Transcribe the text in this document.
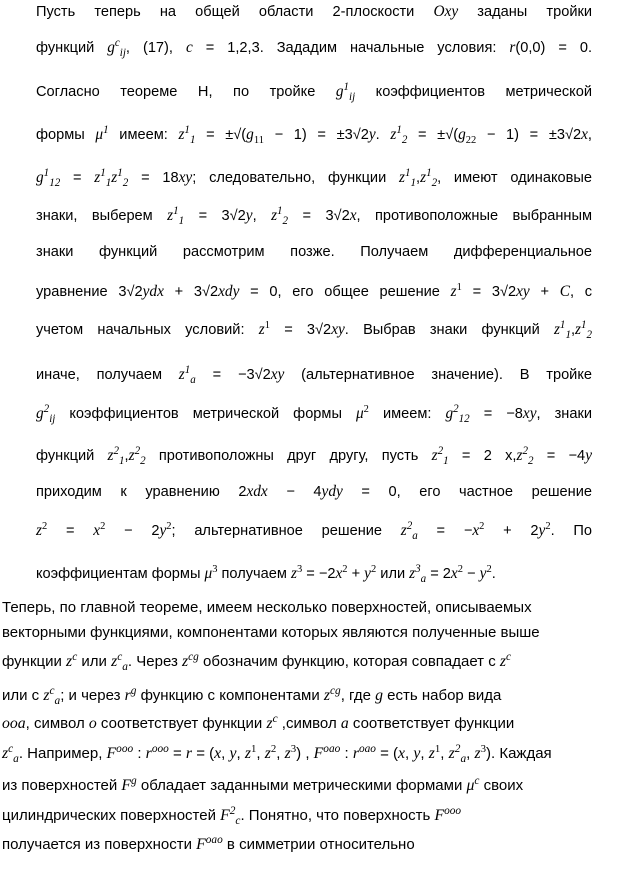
Пусть теперь на общей области 2-плоскости Oxy заданы тройки

функций $g^c_{ij}$, (17), c = 1,2,3. Зададим начальные условия: r(0,0) = 0.

Согласно теореме Н, по тройке $g^1_{ij}$ коэффициентов метрической

формы $\mu^1$ имеем: $z^1_1 = \pm√(g_{11} - 1) = \pm 3√2y$. $z^1_2 = \pm√(g_{22} - 1) = \pm 3√2x$,

$g^1_{12} = z^1_1z^1_2 = 18xy$; следовательно, функции $z^1_1,z^1_2$, имеют одинаковые

знаки, выберем $z^1_1 = 3√2y$, $z^1_2 = 3√2x$, противоположные выбранным

знаки функций рассмотрим позже. Получаем дифференциальное

уравнение 3√2ydx + 3√2xdy = 0, его общее решение $z^1 = 3√2xy + C$, с

учетом начальных условий: $z^1 = 3√2xy$. Выбрав знаки функций $z^1_1,z^1_2$

иначе, получаем $z^1_a = -3√2xy$ (альтернативное значение). В тройке

$g^2_{ij}$ коэффициентов метрической формы $\mu^2$ имеем: $g^2_{12} = -8xy$, знаки

функций $z^2_1,z^2_2$ противоположны друг другу, пусть $z^2_1 = 2$ $x,z^2_2 = -4y$

приходим к уравнению 2xdx − 4ydy = 0, его частное решение

$z^2 = x^2 - 2y^2$; альтернативное решение $z^2_a = -x^2 + 2y^2$. По

коэффициентам формы $\mu^3$ получаем $z^3 = -2x^2 + y^2$ или $z^3_a = 2x^2 - y^2$.

Теперь, по главной теореме, имеем несколько поверхностей, описываемых

векторными функциями, компонентами которых являются полученные выше

функции $z^c$ или $z^c_a$. Через $z^{cg}$ обозначим функцию, которая совпадает с $z^c$

или с $z^c_a$; и через $r^g$ функцию с компонентами $z^{cg}$, где g есть набор вида

ooa, символ o соответствует функции $z^c$ ,символ a соответствует функции

$z^c_a$. Например, $F^{ooo}$ : $r^{ooo} = r = (x$, y, $z^1$, $z^2$, $z^3$) , $F^{oao}$ : $r^{oao} = (x$, y, $z^1$, $z^2_a$, $z^3$). Каждая

из поверхностей $F^g$ обладает заданными метрическими формами $\mu^c$ своих

цилиндрических поверхностей $F^2_c$. Понятно, что поверхность $F^{ooo}$

получается из поверхности $F^{oao}$ в симметрии относительно
